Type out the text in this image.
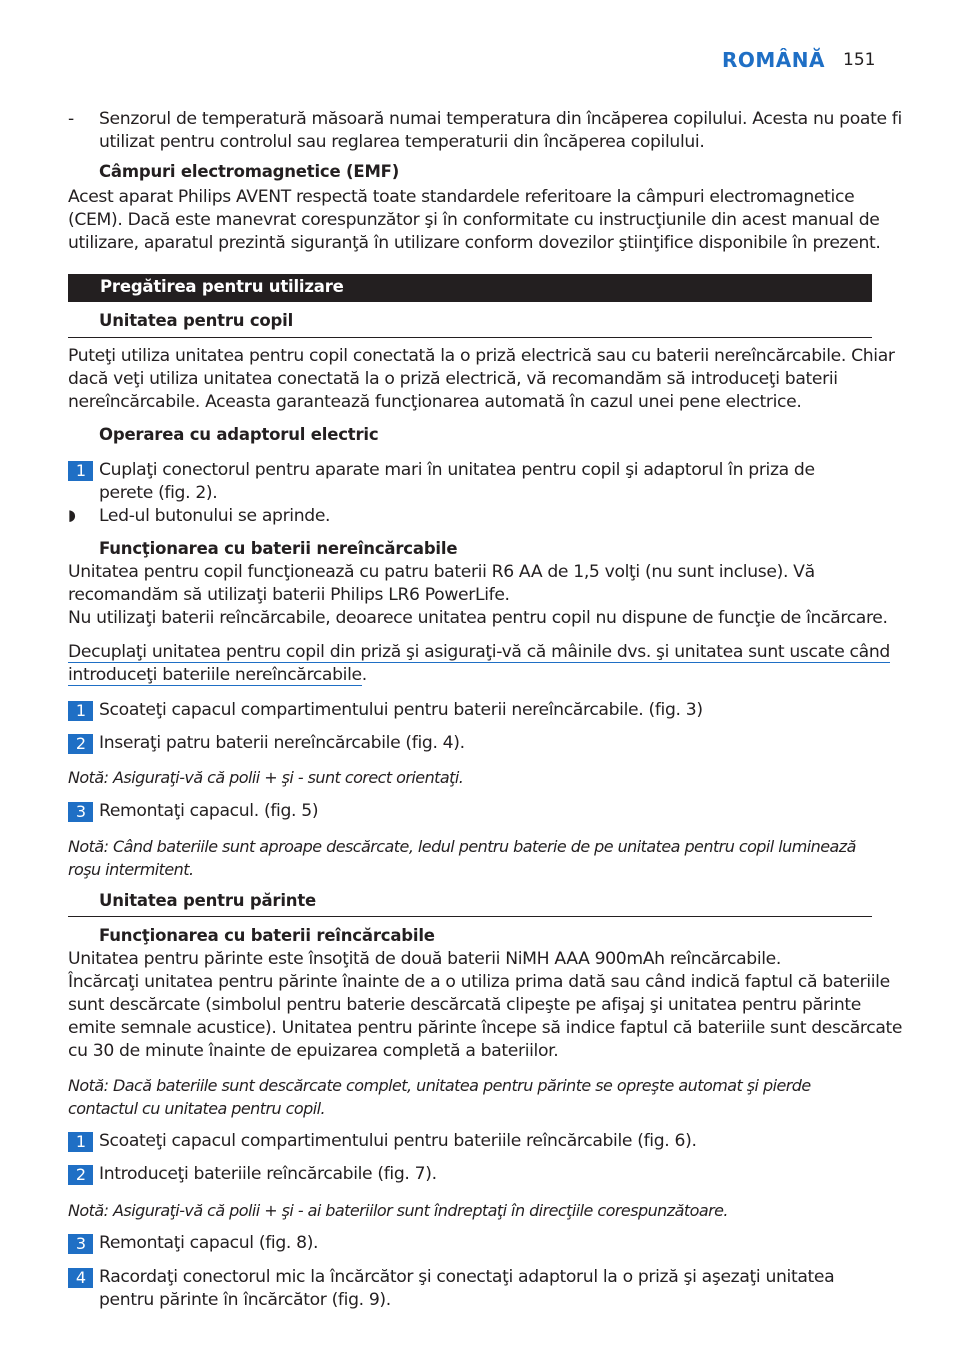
ROMÂNĂ 151
- Senzorul de temperatură măsoară numai temperatura din încăperea copilului. Acesta nu poate fi
utilizat pentru controlul sau reglarea temperaturii din încăperea copilului.
Câmpuri electromagnetice (EMF)
Acest aparat Philips AVENT respectă toate standardele referitoare la câmpuri electromagnetice
(CEM). Dacă este manevrat corespunzător şi în conformitate cu instrucţiunile din acest manual de
utilizare, aparatul prezintă siguranţă în utilizare conform dovezilor ştiinţifice disponibile în prezent.
Pregătirea pentru utilizare
Unitatea pentru copil
Puteţi utiliza unitatea pentru copil conectată la o priză electrică sau cu baterii nereîncărcabile. Chiar
dacă veţi utiliza unitatea conectată la o priză electrică, vă recomandăm să introduceţi baterii
nereîncărcabile. Aceasta garantează funcţionarea automată în cazul unei pene electrice.
Operarea cu adaptorul electric
1 Cuplaţi conectorul pentru aparate mari în unitatea pentru copil şi adaptorul în priza de
perete (fig. 2).
◗ Led-ul butonului se aprinde.
Funcţionarea cu baterii nereîncărcabile
Unitatea pentru copil funcţionează cu patru baterii R6 AA de 1,5 volţi (nu sunt incluse). Vă
recomandăm să utilizaţi baterii Philips LR6 PowerLife.
Nu utilizaţi baterii reîncărcabile, deoarece unitatea pentru copil nu dispune de funcţie de încărcare.
Decuplaţi unitatea pentru copil din priză şi asiguraţi-vă că mâinile dvs. şi unitatea sunt uscate când
introduceţi bateriile nereîncărcabile.
1 Scoateţi capacul compartimentului pentru baterii nereîncărcabile. (fig. 3)
2 Inseraţi patru baterii nereîncărcabile (fig. 4).
Notă: Asiguraţi-vă că polii + şi - sunt corect orientaţi.
3 Remontaţi capacul. (fig. 5)
Notă: Când bateriile sunt aproape descărcate, ledul pentru baterie de pe unitatea pentru copil luminează
roşu intermitent.
Unitatea pentru părinte
Funcţionarea cu baterii reîncărcabile
Unitatea pentru părinte este însoţită de două baterii NiMH AAA 900mAh reîncărcabile.
Încărcaţi unitatea pentru părinte înainte de a o utiliza prima dată sau când indică faptul că bateriile
sunt descărcate (simbolul pentru baterie descărcată clipeşte pe afişaj şi unitatea pentru părinte
emite semnale acustice). Unitatea pentru părinte începe să indice faptul că bateriile sunt descărcate
cu 30 de minute înainte de epuizarea completă a bateriilor.
Notă: Dacă bateriile sunt descărcate complet, unitatea pentru părinte se opreşte automat şi pierde
contactul cu unitatea pentru copil.
1 Scoateţi capacul compartimentului pentru bateriile reîncărcabile (fig. 6).
2 Introduceţi bateriile reîncărcabile (fig. 7).
Notă: Asiguraţi-vă că polii + şi - ai bateriilor sunt îndreptaţi în direcţiile corespunzătoare.
3 Remontaţi capacul (fig. 8).
4 Racordaţi conectorul mic la încărcător şi conectaţi adaptorul la o priză şi aşezaţi unitatea
pentru părinte în încărcător (fig. 9).
